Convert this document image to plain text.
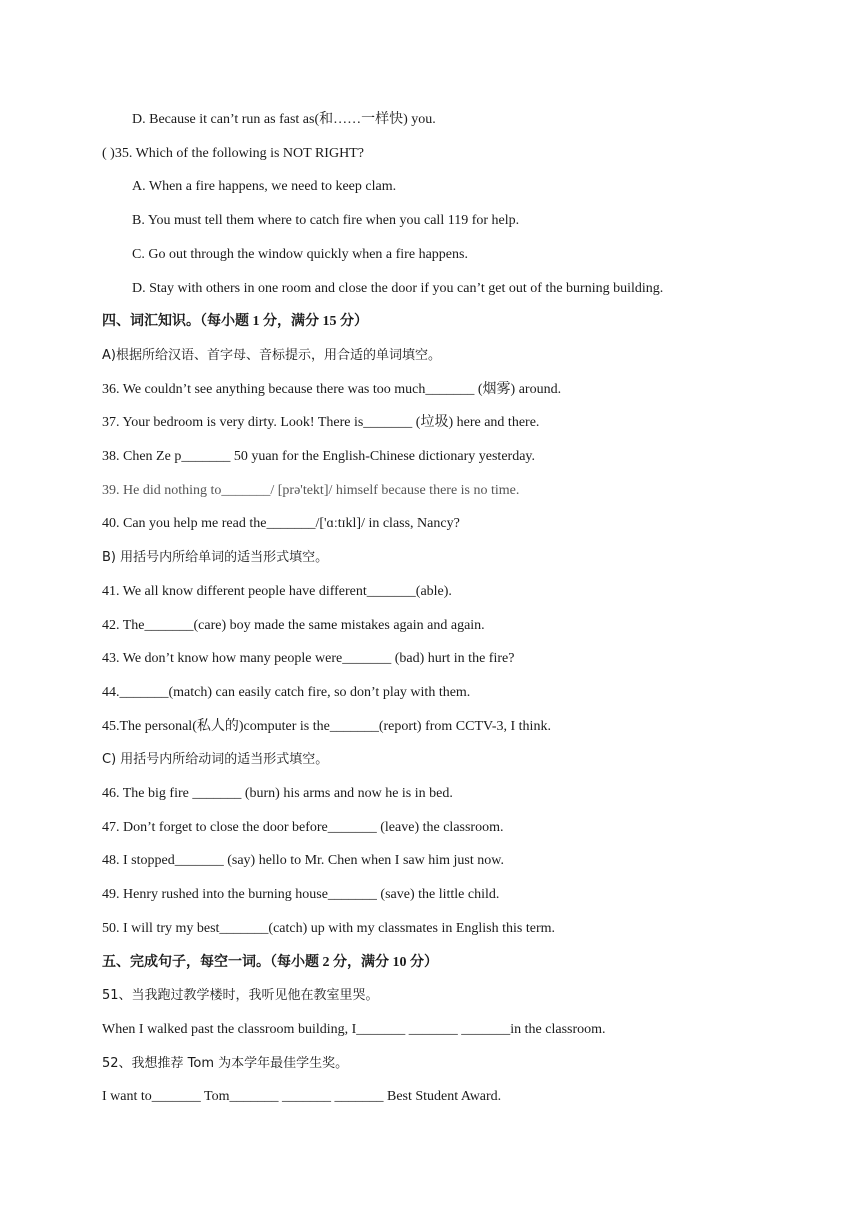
D. Because it can’t run as fast as(和……一样快) you.
( )35. Which of the following is NOT RIGHT?
A. When a fire happens, we need to keep clam.
B. You must tell them where to catch fire when you call 119 for help.
C. Go out through the window quickly when a fire happens.
D. Stay with others in one room and close the door if you can’t get out of the burning building.
四、词汇知识。（每小题 1 分，满分 15 分）
A)根据所给汉语、首字母、音标提示，用合适的单词填空。
36. We couldn’t see anything because there was too much_______ (烟雾) around.
37. Your bedroom is very dirty. Look! There is_______ (垃圾) here and there.
38. Chen Ze p_______ 50 yuan for the English-Chinese dictionary yesterday.
39. He did nothing to_______/ [prə'tekt]/ himself because there is no time.
40. Can you help me read the_______/['ɑːtɪkl]/ in class, Nancy?
B) 用括号内所给单词的适当形式填空。
41. We all know different people have different_______(able).
42. The_______(care) boy made the same mistakes again and again.
43. We don’t know how many people were_______ (bad) hurt in the fire?
44._______(match) can easily catch fire, so don’t play with them.
45.The personal(私人的)computer is the_______(report) from CCTV-3, I think.
C) 用括号内所给动词的适当形式填空。
46. The big fire _______ (burn) his arms and now he is in bed.
47. Don’t forget to close the door before_______ (leave) the classroom.
48. I stopped_______ (say) hello to Mr. Chen when I saw him just now.
49. Henry rushed into the burning house_______ (save) the little child.
50. I will try my best_______(catch) up with my classmates in English this term.
五、完成句子，每空一词。（每小题 2 分，满分 10 分）
51、当我跑过教学楼时，我听见他在教室里哭。
When I walked past the classroom building, I_______ _______ _______in the classroom.
52、我想推荐 Tom 为本学年最佳学生奖。
I want to_______ Tom_______ _______ _______ Best Student Award.
